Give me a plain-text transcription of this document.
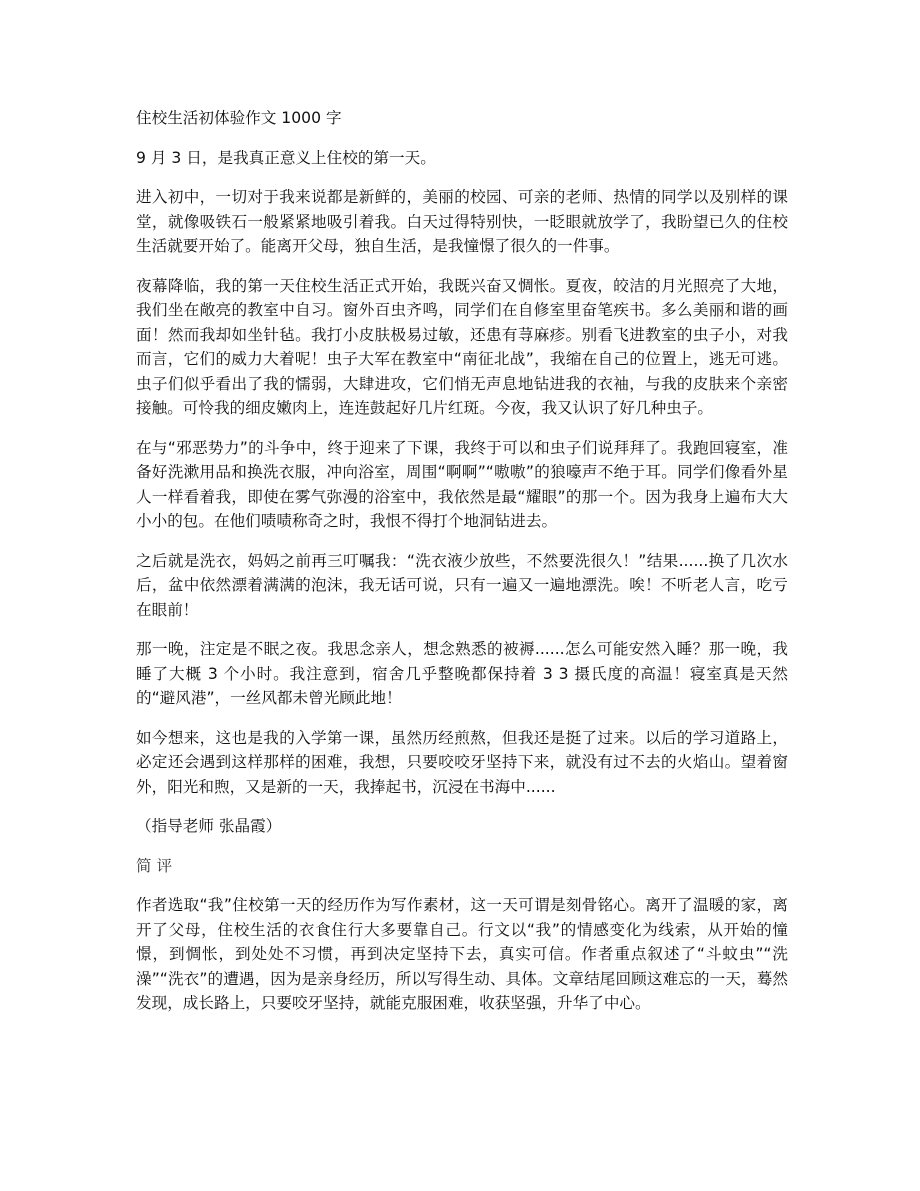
住校生活初体验作文 1000 字

9 月 3 日，是我真正意义上住校的第一天。

进入初中，一切对于我来说都是新鲜的，美丽的校园、可亲的老师、热情的同学以及别样的课堂，就像吸铁石一般紧紧地吸引着我。白天过得特别快，一眨眼就放学了，我盼望已久的住校生活就要开始了。能离开父母，独自生活，是我憧憬了很久的一件事。

夜幕降临，我的第一天住校生活正式开始，我既兴奋又惆怅。夏夜，皎洁的月光照亮了大地，我们坐在敞亮的教室中自习。窗外百虫齐鸣，同学们在自修室里奋笔疾书。多么美丽和谐的画面！然而我却如坐针毡。我打小皮肤极易过敏，还患有荨麻疹。别看飞进教室的虫子小，对我而言，它们的威力大着呢！虫子大军在教室中“南征北战”，我缩在自己的位置上，逃无可逃。虫子们似乎看出了我的懦弱，大肆进攻，它们悄无声息地钻进我的衣袖，与我的皮肤来个亲密接触。可怜我的细皮嫩肉上，连连鼓起好几片红斑。今夜，我又认识了好几种虫子。

在与“邪恶势力”的斗争中，终于迎来了下课，我终于可以和虫子们说拜拜了。我跑回寝室，准备好洗漱用品和换洗衣服，冲向浴室，周围“啊啊”“嗷嗷”的狼嚎声不绝于耳。同学们像看外星人一样看着我，即使在雾气弥漫的浴室中，我依然是最“耀眼”的那一个。因为我身上遍布大大小小的包。在他们啧啧称奇之时，我恨不得打个地洞钻进去。

之后就是洗衣，妈妈之前再三叮嘱我：“洗衣液少放些，不然要洗很久！”结果......换了几次水后，盆中依然漂着满满的泡沫，我无话可说，只有一遍又一遍地漂洗。唉！不听老人言，吃亏在眼前！

那一晚，注定是不眠之夜。我思念亲人，想念熟悉的被褥......怎么可能安然入睡？那一晚，我睡了大概 3 个小时。我注意到，宿舍几乎整晚都保持着 3 3 摄氏度的高温！寝室真是天然的“避风港”，一丝风都未曾光顾此地！

如今想来，这也是我的入学第一课，虽然历经煎熬，但我还是挺了过来。以后的学习道路上，必定还会遇到这样那样的困难，我想，只要咬咬牙坚持下来，就没有过不去的火焰山。望着窗外，阳光和煦，又是新的一天，我捧起书，沉浸在书海中......

（指导老师 张晶霞）

简 评

作者选取“我”住校第一天的经历作为写作素材，这一天可谓是刻骨铭心。离开了温暖的家，离开了父母，住校生活的衣食住行大多要靠自己。行文以“我”的情感变化为线索，从开始的憧憬，到惆怅，到处处不习惯，再到决定坚持下去，真实可信。作者重点叙述了“斗蚊虫”“洗澡”“洗衣”的遭遇，因为是亲身经历，所以写得生动、具体。文章结尾回顾这难忘的一天，蓦然发现，成长路上，只要咬牙坚持，就能克服困难，收获坚强，升华了中心。
